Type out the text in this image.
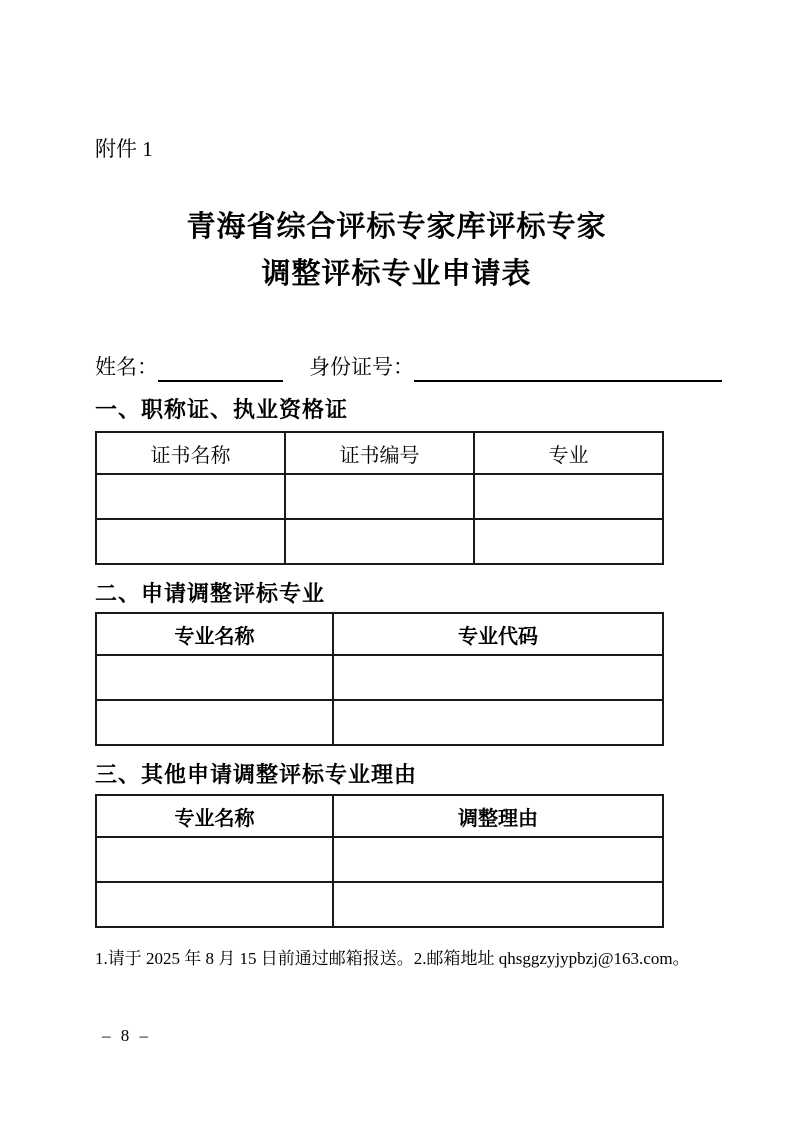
附件 1
青海省综合评标专家库评标专家
调整评标专业申请表
姓名：	身份证号：
一、职称证、执业资格证
证书名称	证书编号	专业

二、申请调整评标专业
专业名称	专业代码

三、其他申请调整评标专业理由
专业名称	调整理由

1.请于 2025 年 8 月 15 日前通过邮箱报送。2.邮箱地址 qhsggzyjypbzj@163.com。
– 8 –
